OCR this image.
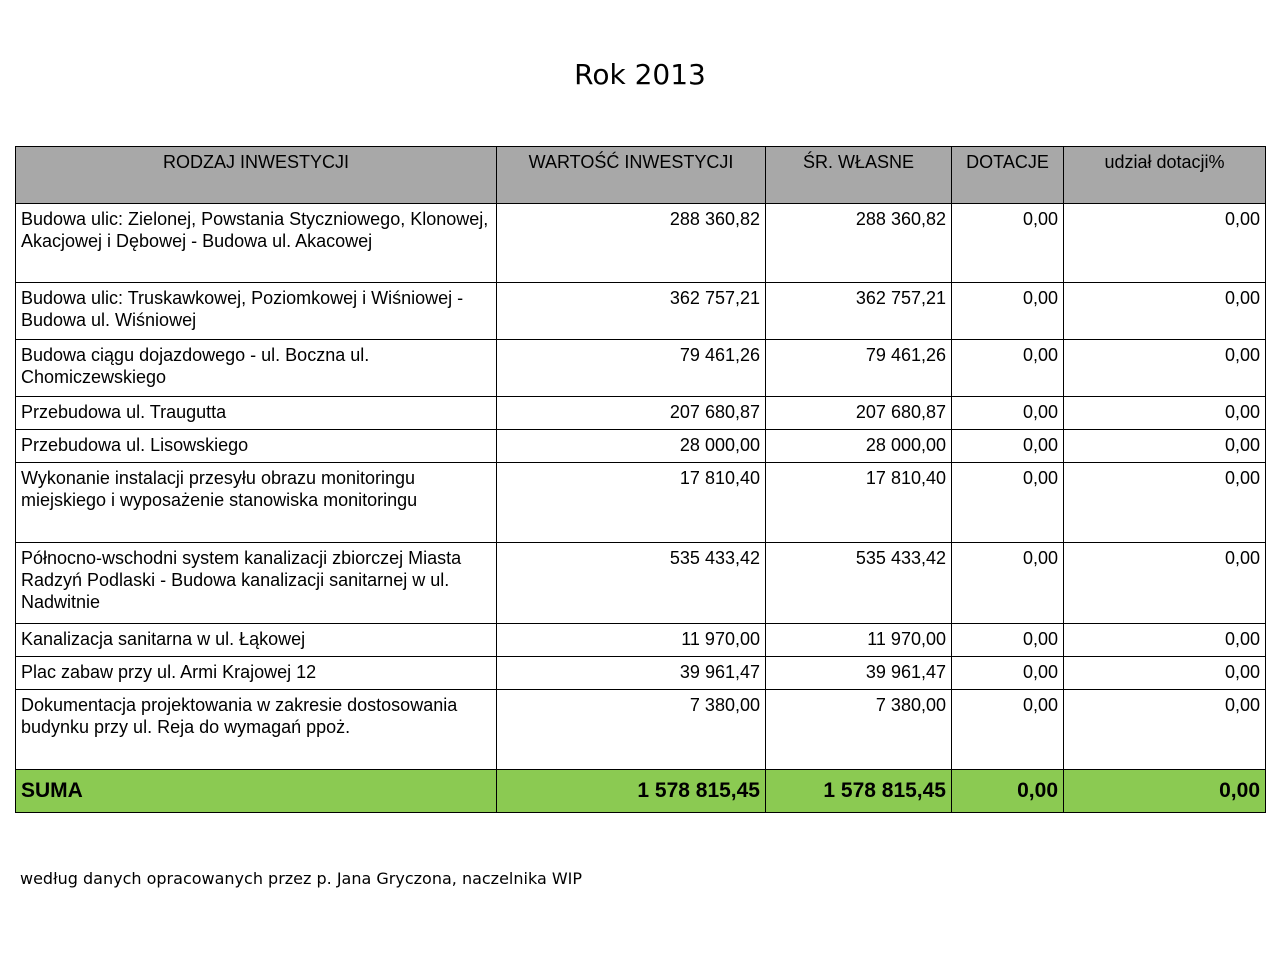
Rok 2013
RODZAJ INWESTYCJI	WARTOŚĆ INWESTYCJI	ŚR. WŁASNE	DOTACJE	udział dotacji%
Budowa ulic: Zielonej, Powstania Styczniowego, Klonowej, Akacjowej i Dębowej - Budowa ul. Akacowej	288 360,82	288 360,82	0,00	0,00
Budowa ulic: Truskawkowej, Poziomkowej i Wiśniowej - Budowa ul. Wiśniowej	362 757,21	362 757,21	0,00	0,00
Budowa ciągu dojazdowego - ul. Boczna ul. Chomiczewskiego	79 461,26	79 461,26	0,00	0,00
Przebudowa ul. Traugutta	207 680,87	207 680,87	0,00	0,00
Przebudowa ul. Lisowskiego	28 000,00	28 000,00	0,00	0,00
Wykonanie instalacji przesyłu obrazu monitoringu miejskiego i wyposażenie stanowiska monitoringu	17 810,40	17 810,40	0,00	0,00
Północno-wschodni system kanalizacji zbiorczej Miasta Radzyń Podlaski - Budowa kanalizacji sanitarnej w ul. Nadwitnie	535 433,42	535 433,42	0,00	0,00
Kanalizacja sanitarna w ul. Łąkowej	11 970,00	11 970,00	0,00	0,00
Plac zabaw przy ul. Armi Krajowej 12	39 961,47	39 961,47	0,00	0,00
Dokumentacja projektowania w zakresie dostosowania budynku przy ul. Reja do wymagań ppoż.	7 380,00	7 380,00	0,00	0,00
SUMA	1 578 815,45	1 578 815,45	0,00	0,00
według danych opracowanych przez p. Jana Gryczona, naczelnika WIP
